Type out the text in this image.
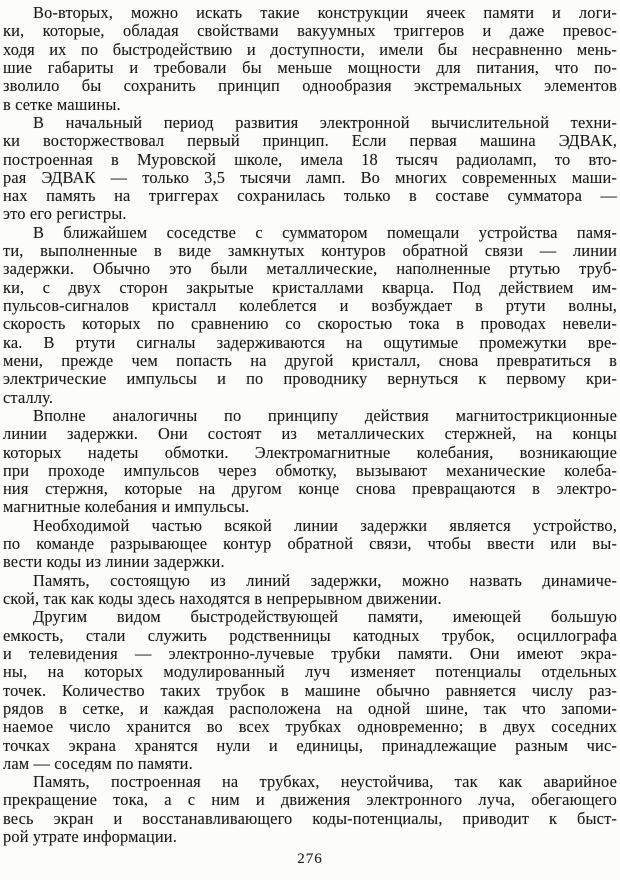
Во-вторых, можно искать такие конструкции ячеек памяти и логи-
ки, которые, обладая свойствами вакуумных триггеров и даже превос-
ходя их по быстродействию и доступности, имели бы несравненно мень-
шие габариты и требовали бы меньше мощности для питания, что по-
зволило бы сохранить принцип однообразия экстремальных элементов
в сетке машины.
В начальный период развития электронной вычислительной техни-
ки восторжествовал первый принцип. Если первая машина ЭДВАК,
построенная в Муровской школе, имела 18 тысяч радиоламп, то вто-
рая ЭДВАК — только 3,5 тысячи ламп. Во многих современных маши-
нах память на триггерах сохранилась только в составе сумматора —
это его регистры.
В ближайшем соседстве с сумматором помещали устройства памя-
ти, выполненные в виде замкнутых контуров обратной связи — линии
задержки. Обычно это были металлические, наполненные ртутью труб-
ки, с двух сторон закрытые кристаллами кварца. Под действием им-
пульсов-сигналов кристалл колеблется и возбуждает в ртути волны,
скорость которых по сравнению со скоростью тока в проводах невели-
ка. В ртути сигналы задерживаются на ощутимые промежутки вре-
мени, прежде чем попасть на другой кристалл, снова превратиться в
электрические импульсы и по проводнику вернуться к первому кри-
сталлу.
Вполне аналогичны по принципу действия магнитострикционные
линии задержки. Они состоят из металлических стержней, на концы
которых надеты обмотки. Электромагнитные колебания, возникающие
при проходе импульсов через обмотку, вызывают механические колеба-
ния стержня, которые на другом конце снова превращаются в электро-
магнитные колебания и импульсы.
Необходимой частью всякой линии задержки является устройство,
по команде разрывающее контур обратной связи, чтобы ввести или вы-
вести коды из линии задержки.
Память, состоящую из линий задержки, можно назвать динамиче-
ской, так как коды здесь находятся в непрерывном движении.
Другим видом быстродействующей памяти, имеющей большую
емкость, стали служить родственницы катодных трубок, осциллографа
и телевидения — электронно-лучевые трубки памяти. Они имеют экра-
ны, на которых модулированный луч изменяет потенциалы отдельных
точек. Количество таких трубок в машине обычно равняется числу раз-
рядов в сетке, и каждая расположена на одной шине, так что запоми-
наемое число хранится во всех трубках одновременно; в двух соседних
точках экрана хранятся нули и единицы, принадлежащие разным чис-
лам — соседям по памяти.
Память, построенная на трубках, неустойчива, так как аварийное
прекращение тока, а с ним и движения электронного луча, обегающего
весь экран и восстанавливающего коды-потенциалы, приводит к быст-
рой утрате информации.
276
